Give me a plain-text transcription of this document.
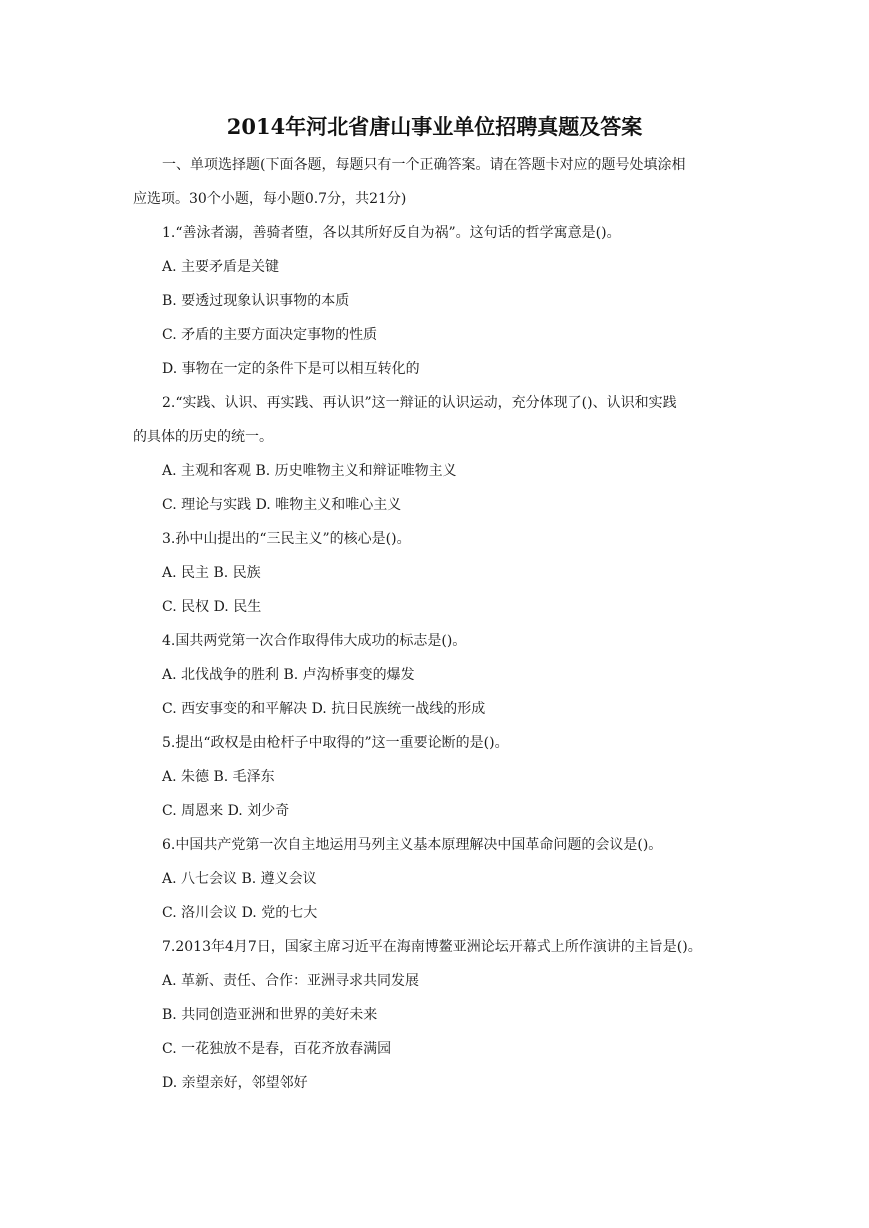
2014年河北省唐山事业单位招聘真题及答案
一、单项选择题(下面各题，每题只有一个正确答案。请在答题卡对应的题号处填涂相
应选项。30个小题，每小题0.7分，共21分)
1.“善泳者溺，善骑者堕，各以其所好反自为祸”。这句话的哲学寓意是()。
A. 主要矛盾是关键
B. 要透过现象认识事物的本质
C. 矛盾的主要方面决定事物的性质
D. 事物在一定的条件下是可以相互转化的
2.“实践、认识、再实践、再认识”这一辩证的认识运动，充分体现了()、认识和实践
的具体的历史的统一。
A. 主观和客观 B. 历史唯物主义和辩证唯物主义
C. 理论与实践 D. 唯物主义和唯心主义
3.孙中山提出的“三民主义”的核心是()。
A. 民主 B. 民族
C. 民权 D. 民生
4.国共两党第一次合作取得伟大成功的标志是()。
A. 北伐战争的胜利 B. 卢沟桥事变的爆发
C. 西安事变的和平解决 D. 抗日民族统一战线的形成
5.提出“政权是由枪杆子中取得的”这一重要论断的是()。
A. 朱德 B. 毛泽东
C. 周恩来 D. 刘少奇
6.中国共产党第一次自主地运用马列主义基本原理解决中国革命问题的会议是()。
A. 八七会议 B. 遵义会议
C. 洛川会议 D. 党的七大
7.2013年4月7日，国家主席习近平在海南博鳌亚洲论坛开幕式上所作演讲的主旨是()。
A. 革新、责任、合作：亚洲寻求共同发展
B. 共同创造亚洲和世界的美好未来
C. 一花独放不是春，百花齐放春满园
D. 亲望亲好，邻望邻好
